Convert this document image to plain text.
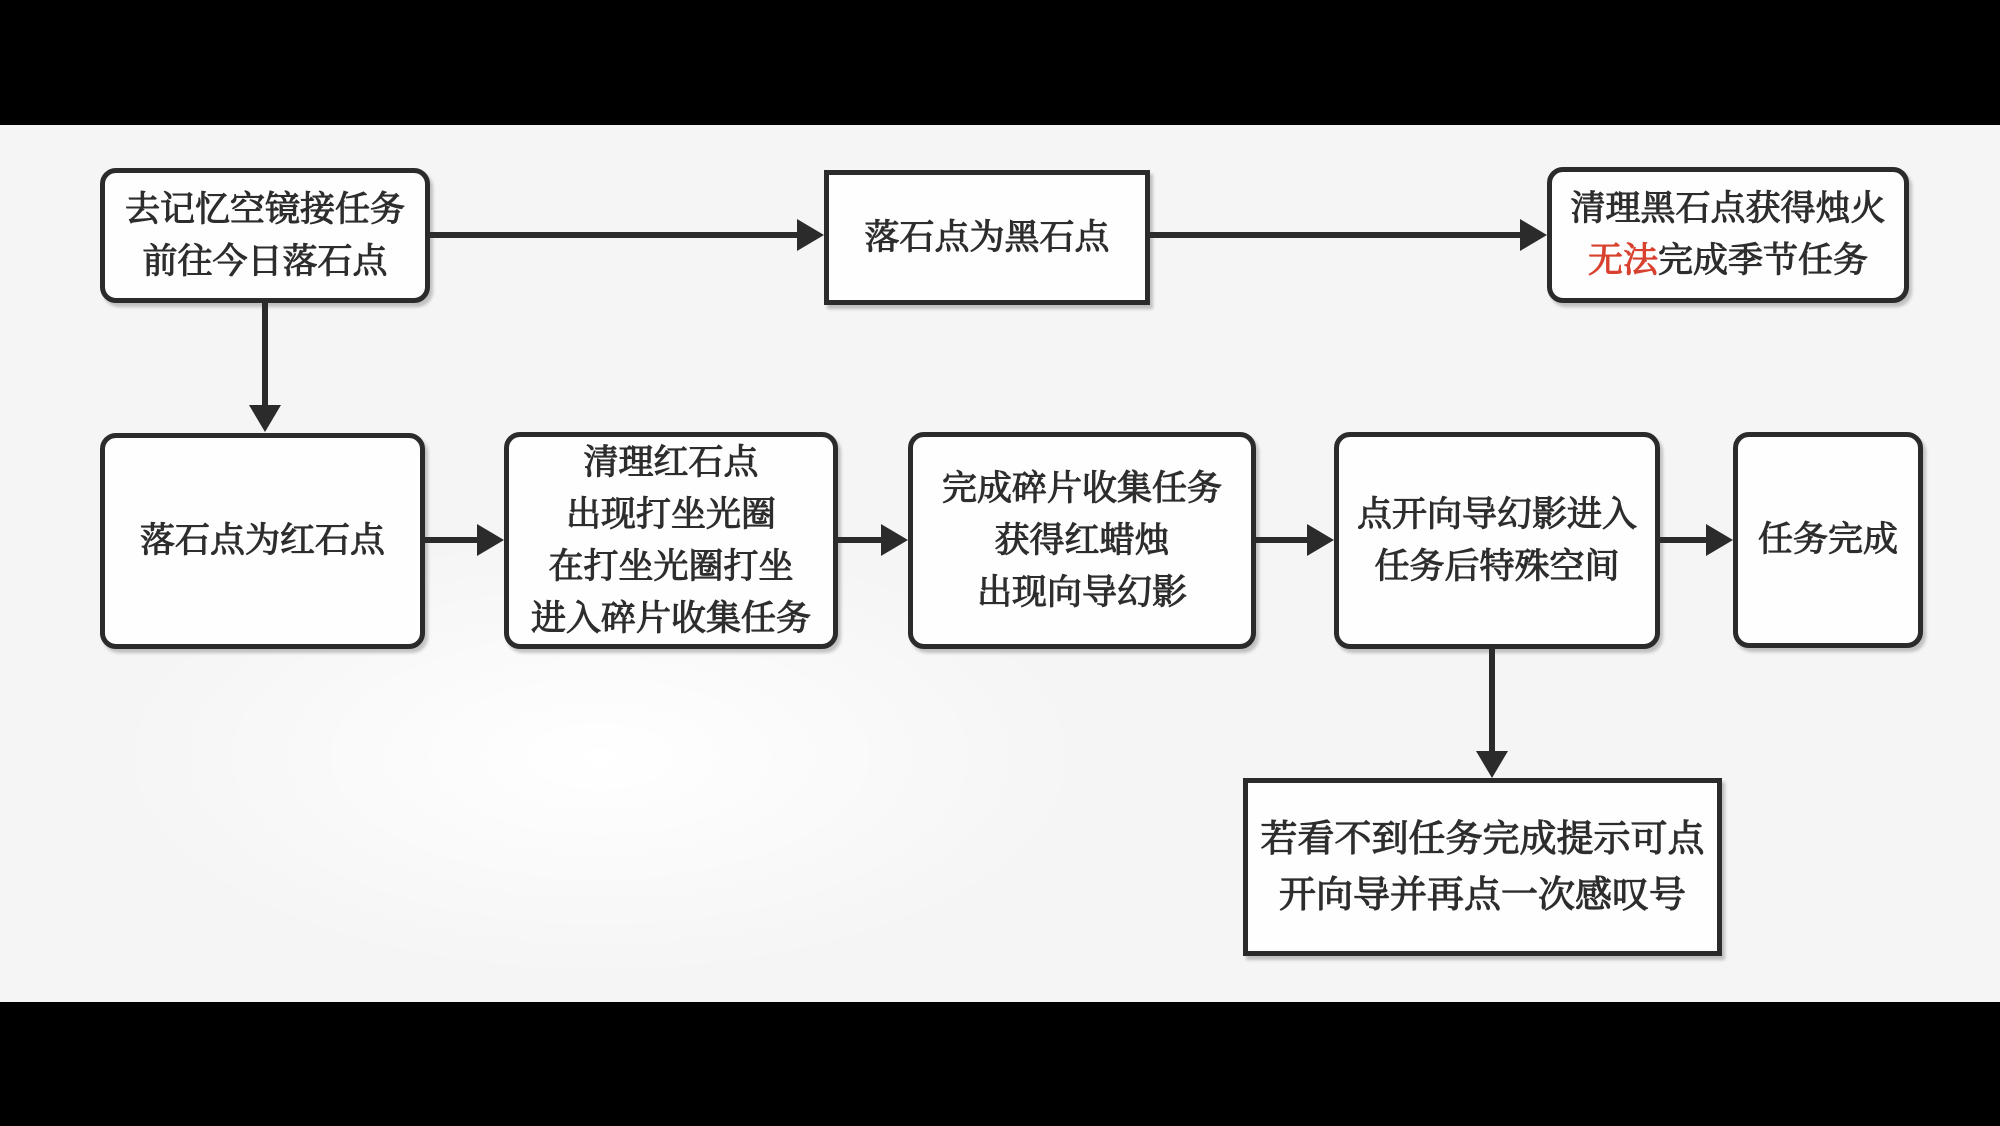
去记忆空镜接任务
前往今日落石点
落石点为黑石点
清理黑石点获得烛火
无法完成季节任务
落石点为红石点
清理红石点
出现打坐光圈
在打坐光圈打坐
进入碎片收集任务
完成碎片收集任务
获得红蜡烛
出现向导幻影
点开向导幻影进入
任务后特殊空间
任务完成
若看不到任务完成提示可点
开向导并再点一次感叹号
